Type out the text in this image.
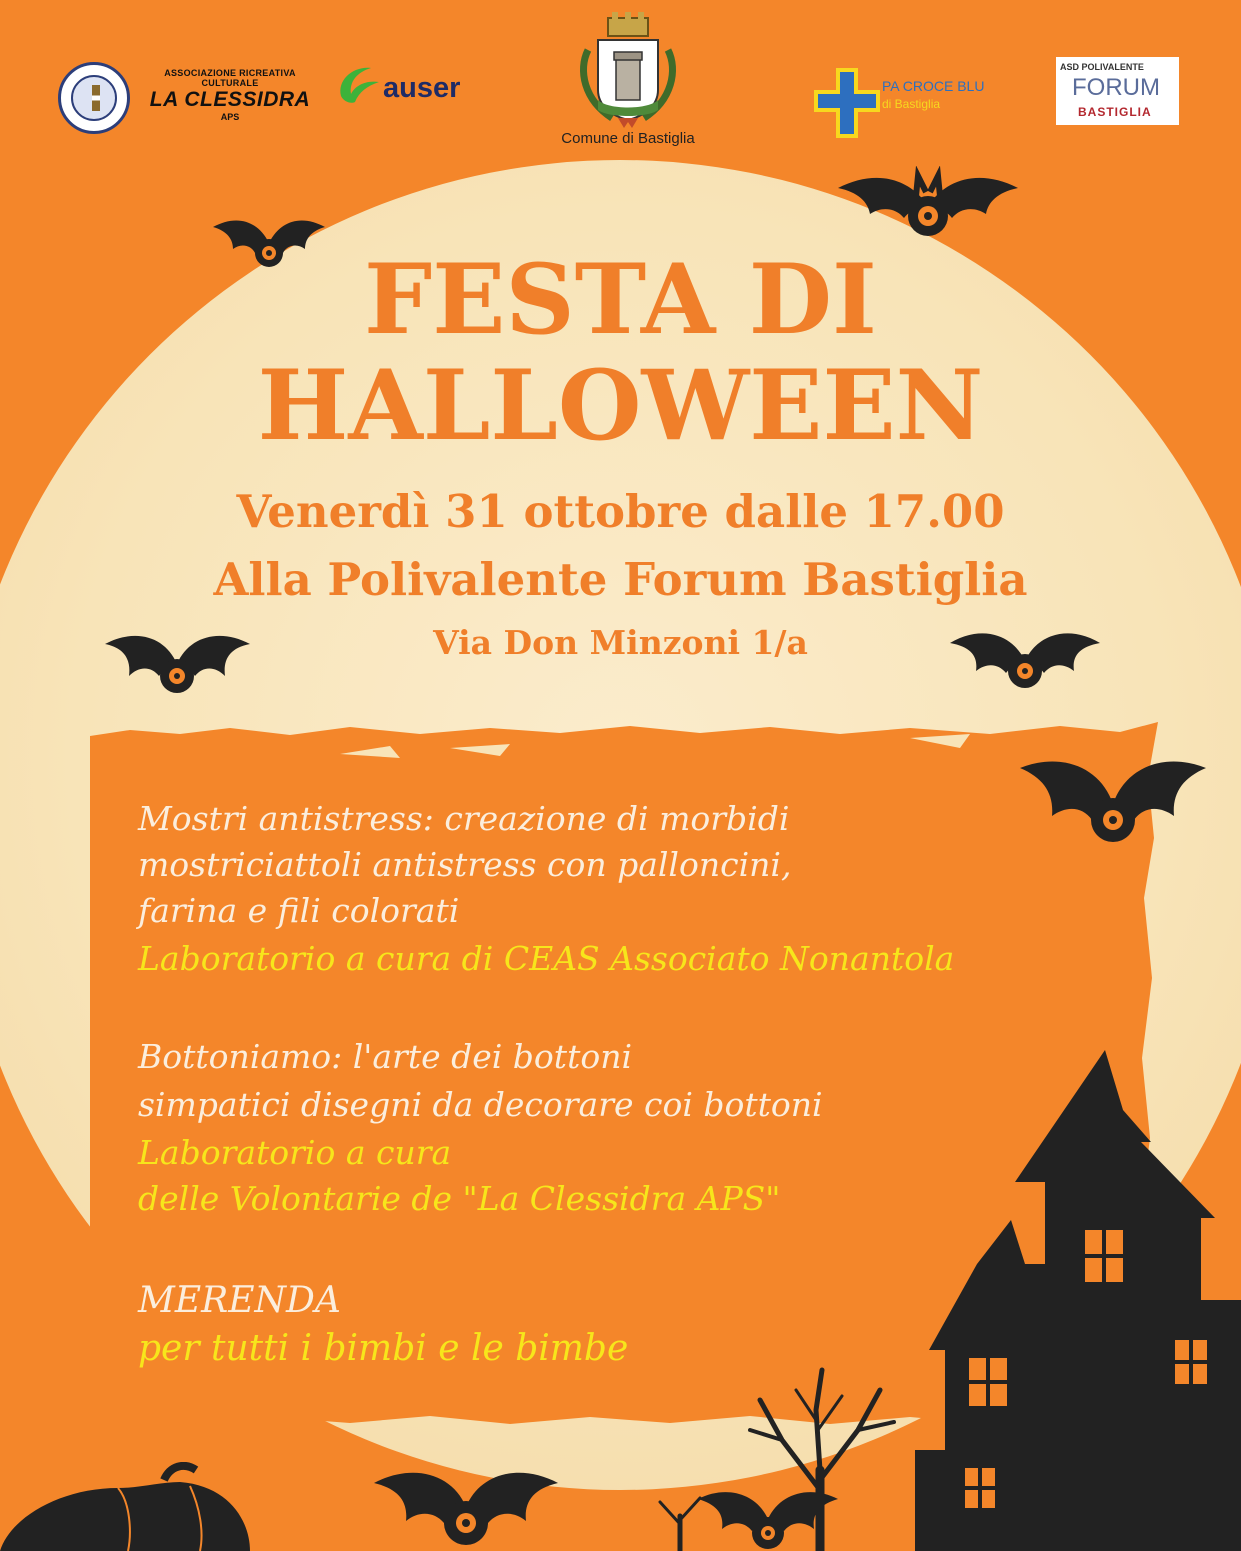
ASSOCIAZIONE RICREATIVA CULTURALE
LA CLESSIDRA
APS
auser
Comune di Bastiglia
PA CROCE BLU
di Bastiglia
ASD POLIVALENTE
FORUM
BASTIGLIA
FESTA DI
HALLOWEEN
Venerdì 31 ottobre dalle 17.00
Alla Polivalente Forum Bastiglia
Via Don Minzoni 1/a
Mostri antistress: creazione di morbidi
mostriciattoli antistress con palloncini,
farina e fili colorati
Laboratorio a cura di CEAS Associato Nonantola
Bottoniamo: l'arte dei bottoni
simpatici disegni da decorare coi bottoni
Laboratorio a cura
delle Volontarie de "La Clessidra APS"
MERENDA
per tutti i bimbi e le bimbe
